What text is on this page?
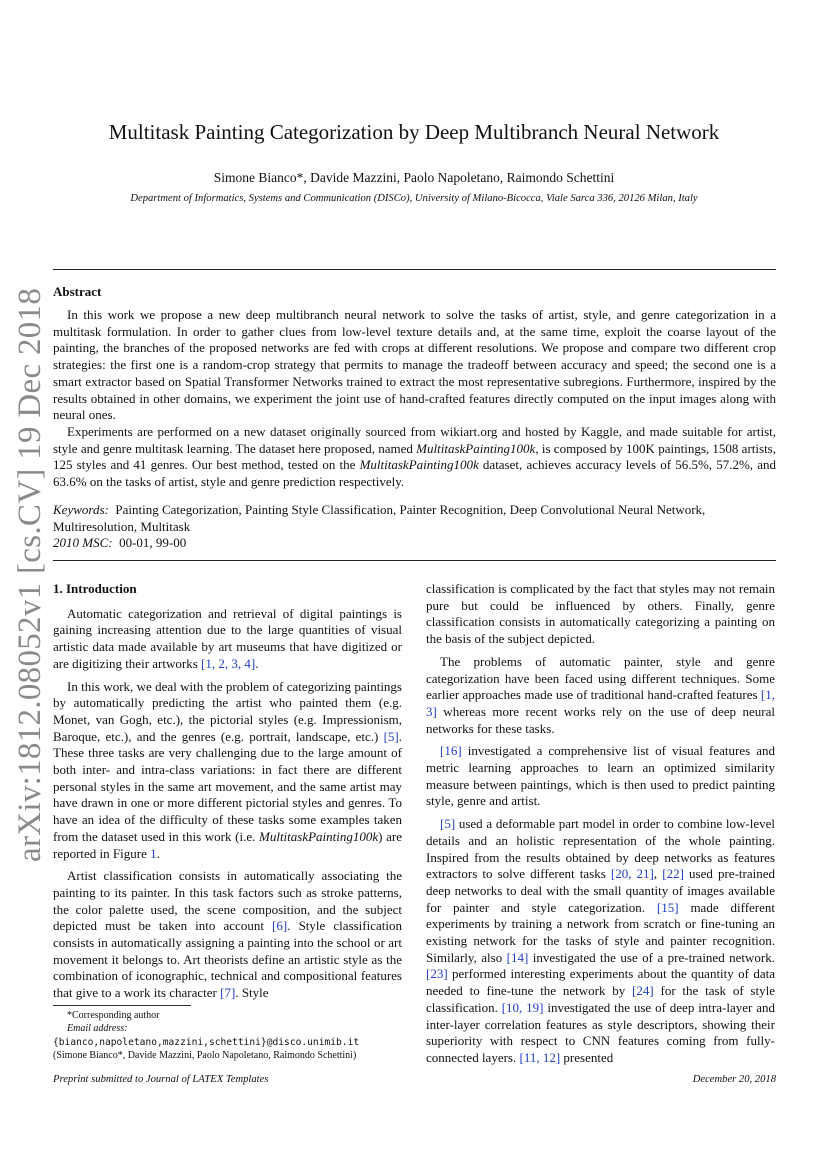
arXiv:1812.08052v1 [cs.CV] 19 Dec 2018
Multitask Painting Categorization by Deep Multibranch Neural Network
Simone Bianco*, Davide Mazzini, Paolo Napoletano, Raimondo Schettini
Department of Informatics, Systems and Communication (DISCo), University of Milano-Bicocca, Viale Sarca 336, 20126 Milan, Italy
Abstract

In this work we propose a new deep multibranch neural network to solve the tasks of artist, style, and genre categorization in a multitask formulation. In order to gather clues from low-level texture details and, at the same time, exploit the coarse layout of the painting, the branches of the proposed networks are fed with crops at different resolutions. We propose and compare two different crop strategies: the first one is a random-crop strategy that permits to manage the tradeoff between accuracy and speed; the second one is a smart extractor based on Spatial Transformer Networks trained to extract the most representative subregions. Furthermore, inspired by the results obtained in other domains, we experiment the joint use of hand-crafted features directly computed on the input images along with neural ones.

Experiments are performed on a new dataset originally sourced from wikiart.org and hosted by Kaggle, and made suitable for artist, style and genre multitask learning. The dataset here proposed, named MultitaskPainting100k, is composed by 100K paintings, 1508 artists, 125 styles and 41 genres. Our best method, tested on the MultitaskPainting100k dataset, achieves accuracy levels of 56.5%, 57.2%, and 63.6% on the tasks of artist, style and genre prediction respectively.

Keywords: Painting Categorization, Painting Style Classification, Painter Recognition, Deep Convolutional Neural Network, Multiresolution, Multitask
2010 MSC: 00-01, 99-00
1. Introduction

Automatic categorization and retrieval of digital paintings is gaining increasing attention due to the large quantities of visual artistic data made available by art museums that have digitized or are digitizing their artworks [1, 2, 3, 4].

In this work, we deal with the problem of categorizing paintings by automatically predicting the artist who painted them (e.g. Monet, van Gogh, etc.), the pictorial styles (e.g. Impressionism, Baroque, etc.), and the genres (e.g. portrait, landscape, etc.) [5]. These three tasks are very challenging due to the large amount of both inter- and intra-class variations: in fact there are different personal styles in the same art movement, and the same artist may have drawn in one or more different pictorial styles and genres. To have an idea of the difficulty of these tasks some examples taken from the dataset used in this work (i.e. MultitaskPainting100k) are reported in Figure 1.

Artist classification consists in automatically associating the painting to its painter. In this task factors such as stroke patterns, the color palette used, the scene composition, and the subject depicted must be taken into account [6]. Style classification consists in automatically assigning a painting into the school or art movement it belongs to. Art theorists define an artistic style as the combination of iconographic, technical and compositional features that give to a work its character [7]. Style

classification is complicated by the fact that styles may not remain pure but could be influenced by others. Finally, genre classification consists in automatically categorizing a painting on the basis of the subject depicted.

The problems of automatic painter, style and genre categorization have been faced using different techniques. Some earlier approaches made use of traditional hand-crafted features [1, 3] whereas more recent works rely on the use of deep neural networks for these tasks.

[16] investigated a comprehensive list of visual features and metric learning approaches to learn an optimized similarity measure between paintings, which is then used to predict painting style, genre and artist.

[5] used a deformable part model in order to combine low-level details and an holistic representation of the whole painting. Inspired from the results obtained by deep networks as features extractors to solve different tasks [20, 21], [22] used pre-trained deep networks to deal with the small quantity of images available for painter and style categorization. [15] made different experiments by training a network from scratch or fine-tuning an existing network for the tasks of style and painter recognition. Similarly, also [14] investigated the use of a pre-trained network. [23] performed interesting experiments about the quantity of data needed to fine-tune the network by [24] for the task of style classification. [10, 19] investigated the use of deep intra-layer and inter-layer correlation features as style descriptors, showing their superiority with respect to CNN features coming from fully-connected layers. [11, 12] presented

*Corresponding author
Email address:
{bianco,napoletano,mazzini,schettini}@disco.unimib.it
(Simone Bianco*, Davide Mazzini, Paolo Napoletano, Raimondo Schettini)
Preprint submitted to Journal of LATEX Templates	December 20, 2018
